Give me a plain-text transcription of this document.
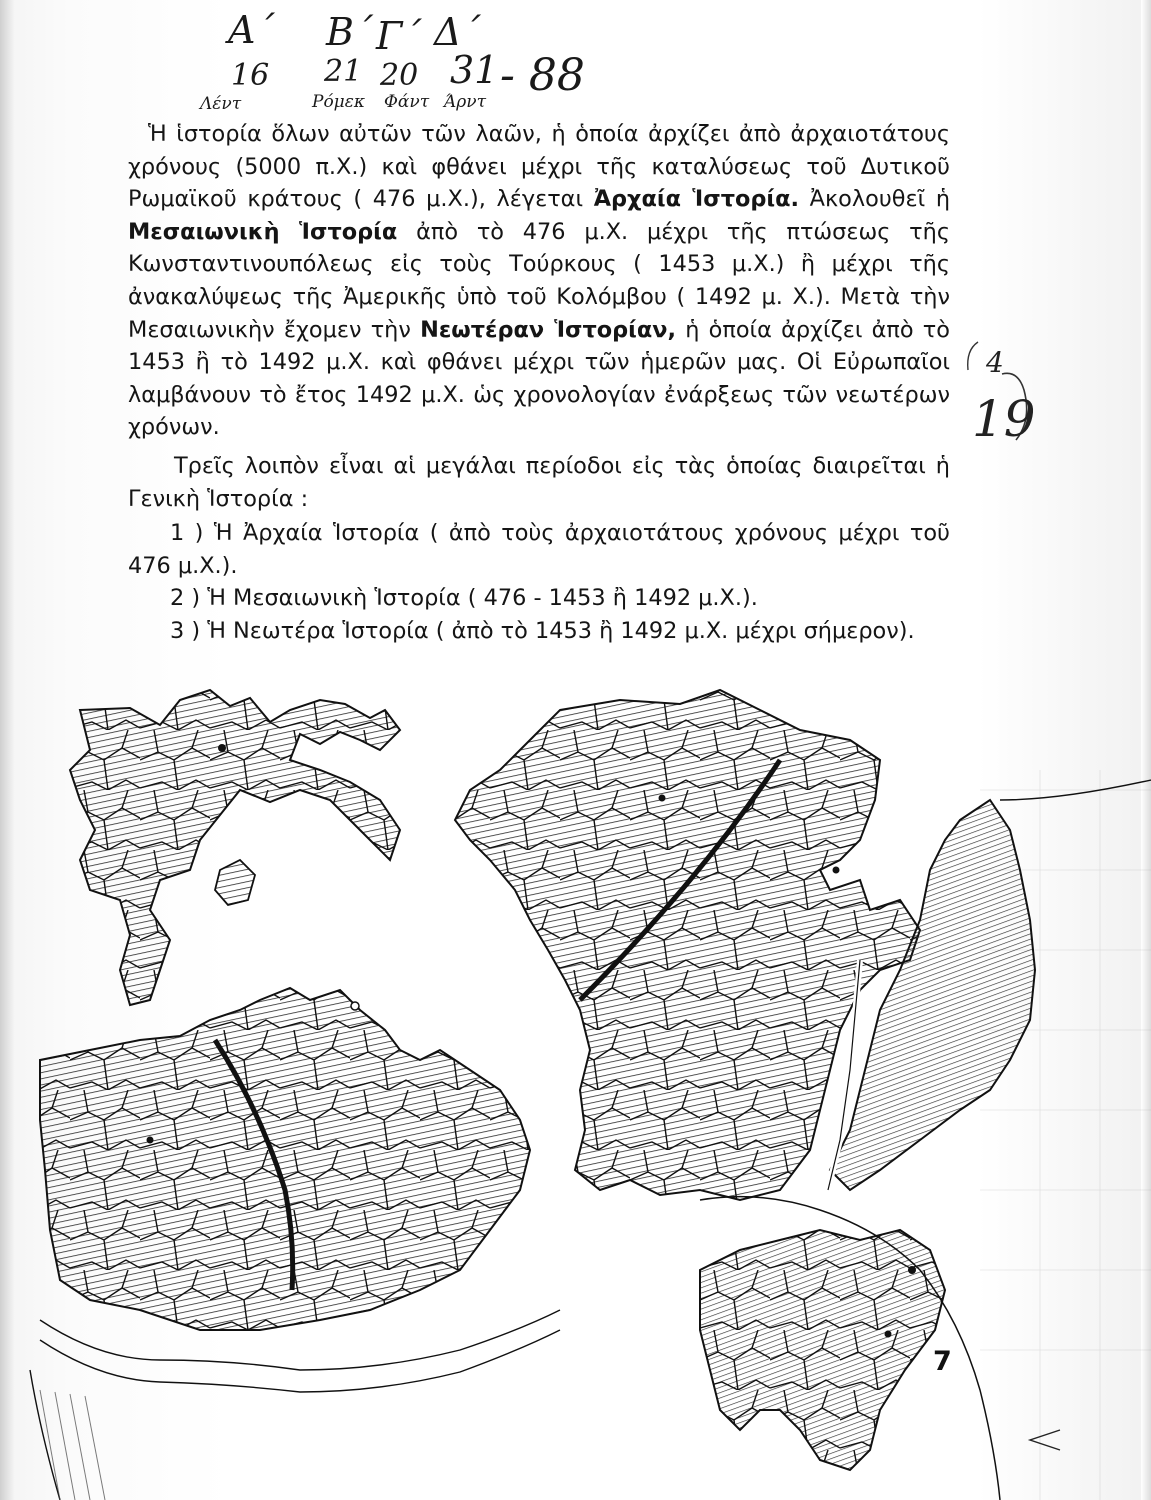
Α΄ Β΄ Γ΄ Δ΄
16 21 20 31 - 88
Λέντ	Ρόμεκ Φάντ Άρντ

Ἡ ἱστορία ὅλων αὐτῶν τῶν λαῶν, ἡ ὁποία ἀρχίζει ἀπὸ ἀρχαιοτάτους χρόνους (5000 π.Χ.) καὶ φθάνει μέχρι τῆς καταλύσεως τοῦ Δυτικοῦ Ρωμαϊκοῦ κράτους ( 476 μ.Χ.), λέγεται Ἀρχαία Ἱστορία. Ἀκολουθεῖ ἡ Μεσαιωνικὴ Ἱστορία ἀπὸ τὸ 476 μ.Χ. μέχρι τῆς πτώσεως τῆς Κωνσταντινουπόλεως εἰς τοὺς Τούρκους ( 1453 μ.Χ.) ἢ μέχρι τῆς ἀνακαλύψεως τῆς Ἀμερικῆς ὑπὸ τοῦ Κολόμβου ( 1492 μ. Χ.). Μετὰ τὴν Μεσαιωνικὴν ἔχομεν τὴν Νεωτέραν Ἱστορίαν, ἡ ὁποία ἀρχίζει ἀπὸ τὸ 1453 ἢ τὸ 1492 μ.Χ. καὶ φθάνει μέχρι τῶν ἡμερῶν μας. Οἱ Εὐρωπαῖοι λαμβάνουν τὸ ἔτος 1492 μ.Χ. ὡς χρονολογίαν ἐνάρξεως τῶν νεωτέρων χρόνων.

Τρεῖς λοιπὸν εἶναι αἱ μεγάλαι περίοδοι εἰς τὰς ὁποίας διαιρεῖται ἡ Γενικὴ Ἱστορία :

1 ) Ἡ Ἀρχαία Ἱστορία ( ἀπὸ τοὺς ἀρχαιοτάτους χρόνους μέχρι τοῦ 476 μ.Χ.).

2 ) Ἡ Μεσαιωνικὴ Ἱστορία ( 476 - 1453 ἢ 1492 μ.Χ.).

3 ) Ἡ Νεωτέρα Ἱστορία ( ἀπὸ τὸ 1453 ἢ 1492 μ.Χ. μέχρι σήμερον).

4
19
7
